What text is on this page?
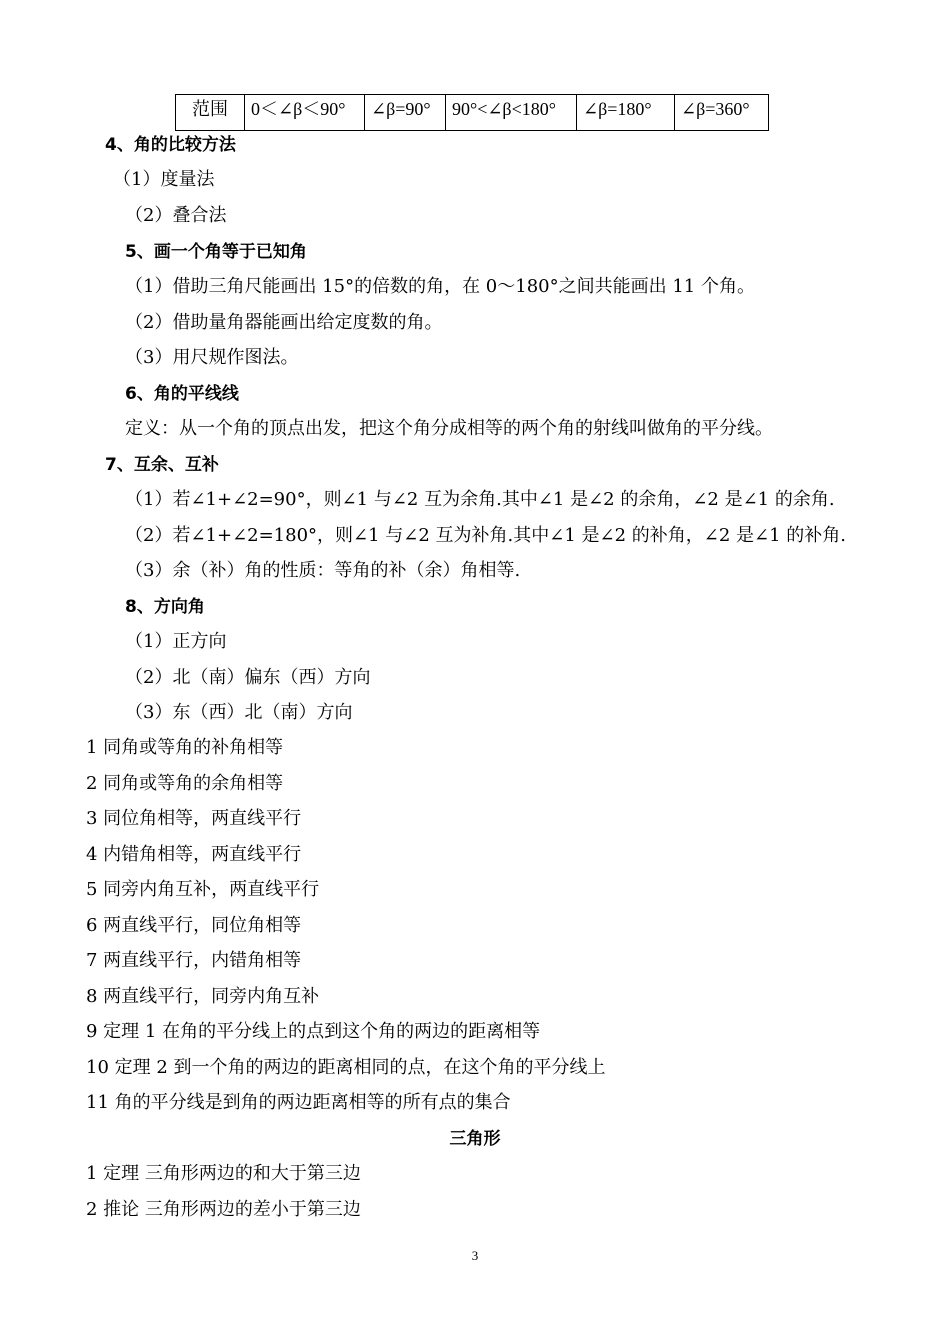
范围	0＜∠β＜90°	∠β=90°	90°<∠β<180°	∠β=180°	∠β=360°
4、角的比较方法
（1）度量法
（2）叠合法
5、画一个角等于已知角
（1）借助三角尺能画出 15°的倍数的角，在 0～180°之间共能画出 11 个角。
（2）借助量角器能画出给定度数的角。
（3）用尺规作图法。
6、角的平线线
定义：从一个角的顶点出发，把这个角分成相等的两个角的射线叫做角的平分线。
7、互余、互补
（1）若∠1+∠2=90°，则∠1 与∠2 互为余角.其中∠1 是∠2 的余角，∠2 是∠1 的余角.
（2）若∠1+∠2=180°，则∠1 与∠2 互为补角.其中∠1 是∠2 的补角，∠2 是∠1 的补角.
（3）余（补）角的性质：等角的补（余）角相等.
8、方向角
（1）正方向
（2）北（南）偏东（西）方向
（3）东（西）北（南）方向
1 同角或等角的补角相等
2 同角或等角的余角相等
3 同位角相等，两直线平行
4 内错角相等，两直线平行
5 同旁内角互补，两直线平行
6 两直线平行，同位角相等
7 两直线平行，内错角相等
8 两直线平行，同旁内角互补
9 定理 1 在角的平分线上的点到这个角的两边的距离相等
10 定理 2 到一个角的两边的距离相同的点，在这个角的平分线上
11 角的平分线是到角的两边距离相等的所有点的集合
三角形
1 定理 三角形两边的和大于第三边
2 推论 三角形两边的差小于第三边
3
